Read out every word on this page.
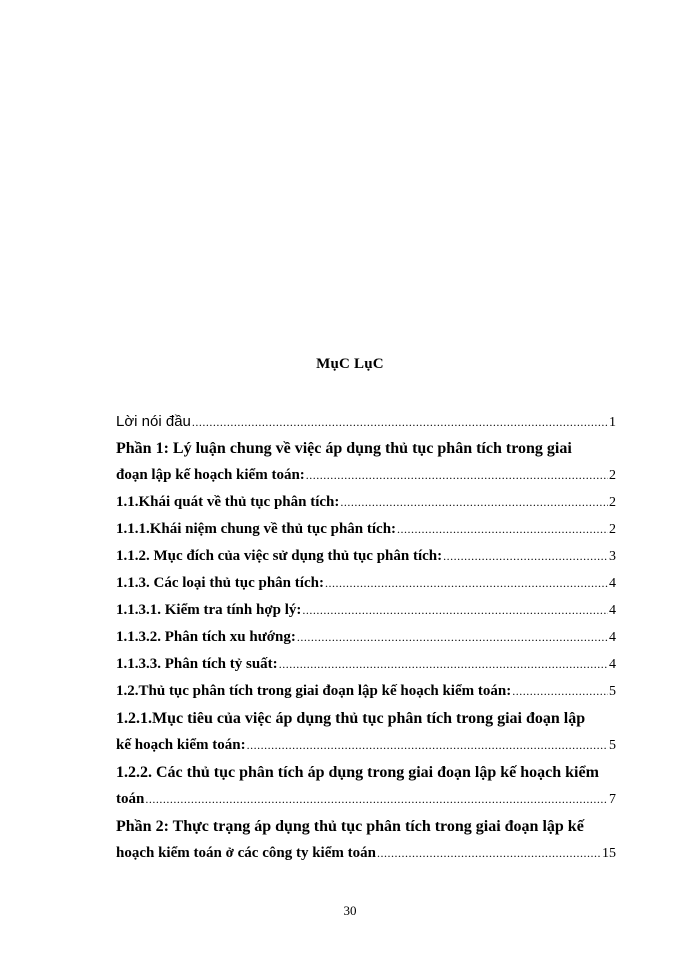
MụC LụC
Lời nói đầu .....	1
Phần 1: Lý luận chung về việc áp dụng thủ tục phân tích trong giai
đoạn lập kế hoạch kiểm toán: .....	2
1.1.Khái quát về thủ tục phân tích: .....	2
1.1.1.Khái niệm chung về thủ tục phân tích: .....	2
1.1.2. Mục đích của việc sử dụng thủ tục phân tích: .....	3
1.1.3. Các loại thủ tục phân tích: .....	4
1.1.3.1. Kiểm tra tính hợp lý: .....	4
1.1.3.2. Phân tích xu hướng: .....	4
1.1.3.3. Phân tích tỷ suất: .....	4
1.2.Thủ tục phân tích trong giai đoạn lập kế hoạch kiểm toán: .....	5
1.2.1.Mục tiêu của việc áp dụng thủ tục phân tích trong giai đoạn lập
kế hoạch kiểm toán: .....	5
1.2.2. Các thủ tục phân tích áp dụng trong giai đoạn lập kế hoạch kiểm
toán .....	7
Phần 2: Thực trạng áp dụng thủ tục phân tích trong giai đoạn lập kế
hoạch kiểm toán ở các công ty kiểm toán .....	15
30
